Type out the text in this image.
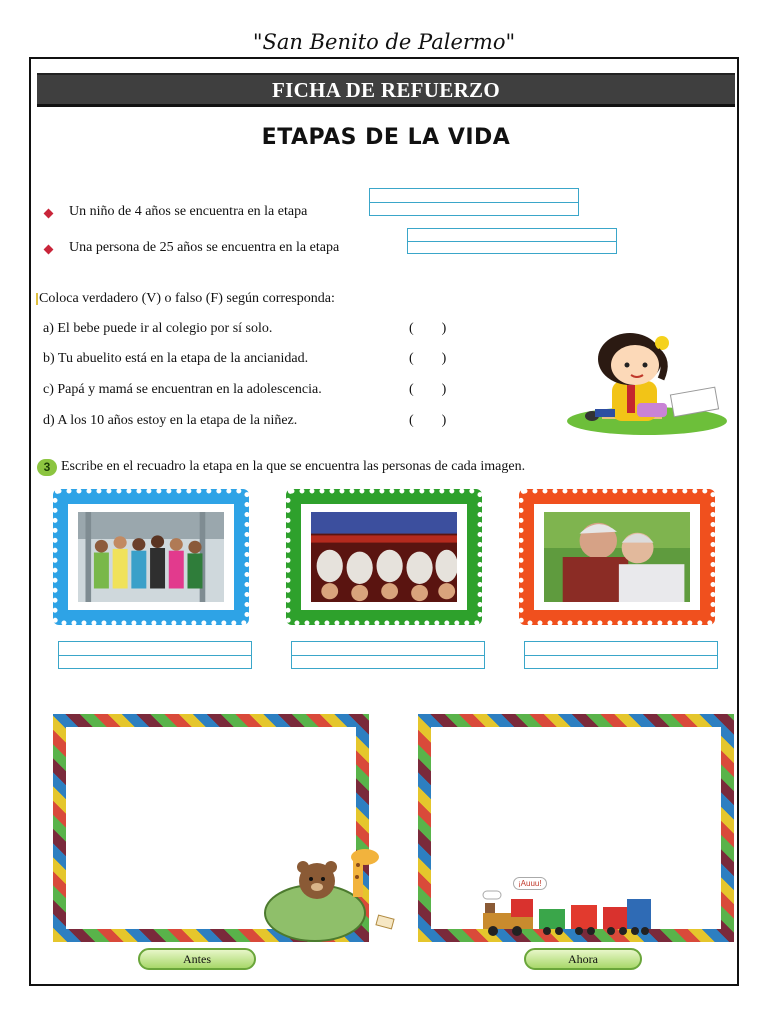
"San Benito de Palermo"
FICHA DE REFUERZO
ETAPAS DE LA VIDA
Un niño de 4 años se encuentra en la etapa
Una persona de 25 años se encuentra en la etapa
Coloca verdadero (V) o falso (F) según corresponda:
a) El bebe puede ir al colegio por sí solo.	(        )
b) Tu abuelito está en la etapa de la ancianidad.	(        )
c) Papá y mamá se encuentran en la adolescencia.	(        )
d) A los 10 años estoy en la etapa de la niñez.	(        )
3 Escribe en el recuadro la etapa en la que se encuentra las personas de cada imagen.
¡Auuu!
Antes	Ahora
